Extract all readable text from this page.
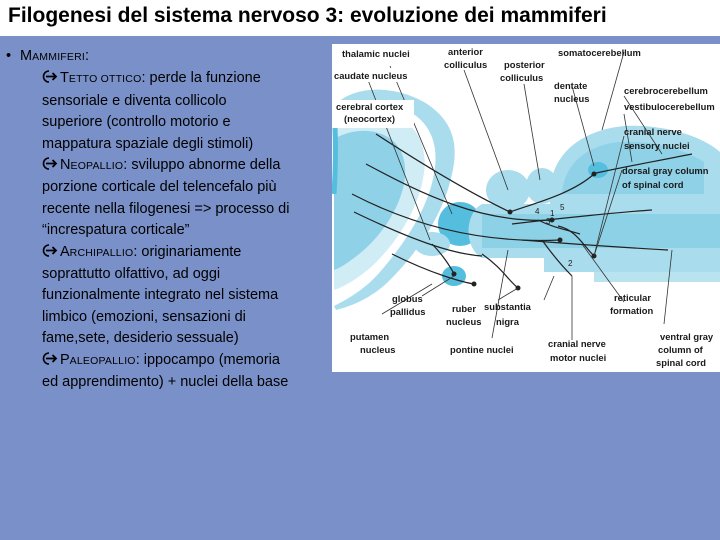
Filogenesi del sistema nervoso 3: evoluzione dei mammiferi
• MAMMIFERI:
TETTO OTTICO: perde la funzione
sensoriale e diventa collicolo
superiore (controllo motorio e
mappatura spaziale degli stimoli)
NEOPALLIO: sviluppo abnorme della
porzione corticale del telencefalo più
recente nella filogenesi => processo di
“increspatura corticale”
ARCHIPALLIO: originariamente
soprattutto olfattivo, ad oggi
funzionalmente integrato nel sistema
limbico (emozioni, sensazioni di
fame,sete, desiderio sessuale)
PALEOPALLIO: ippocampo (memoria
ed apprendimento) + nuclei della base
1
2
3
4	5
thalamic nuclei
caudate nucleus
cerebral cortex
(neocortex)
anterior
colliculus posterior
colliculus
dentate
nucleus
somatocerebellum
cerebrocerebellum
vestibulocerebellum
cranial nerve
sensory nuclei
dorsal gray column
of spinal cord
globus
pallidus	ruber
nucleus
substantia
nigra
reticular
formation
putamen
nucleus	pontine nuclei
cranial nerve
motor nuclei
ventral gray
column of
spinal cord
